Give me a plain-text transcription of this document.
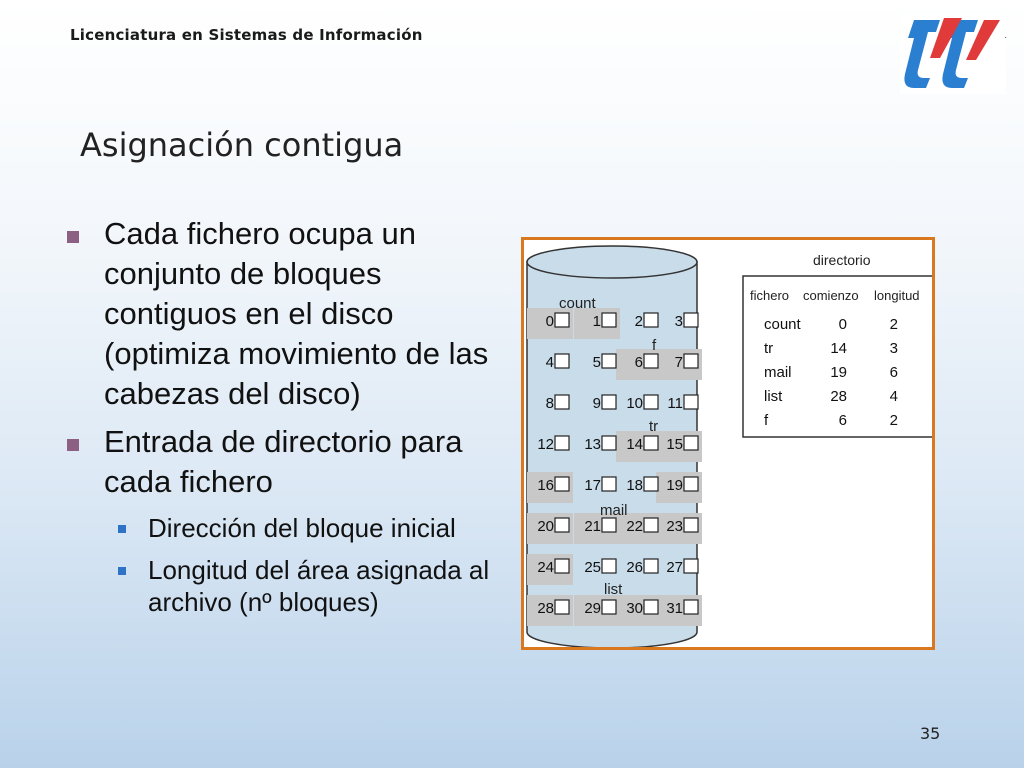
Licenciatura en Sistemas de Información	·
Asignación contigua
Cada fichero ocupa un conjunto de bloques contiguos en el disco (optimiza movimiento de las cabezas del disco)
Entrada de directorio para cada fichero
Dirección del bloque inicial
Longitud del área asignada al archivo (nº bloques)
0	1 2 3
4	5 6 7
8	9 10 11
12 13 14 15
16 17 18 19
20 21 22 23
24 25 26 27
28 29 30 31
count
f
tr
mail
list
directorio
fichero comienzo longitud
count	0	2
tr	14	3
mail	19	6
list	28	4
f	6	2
35
